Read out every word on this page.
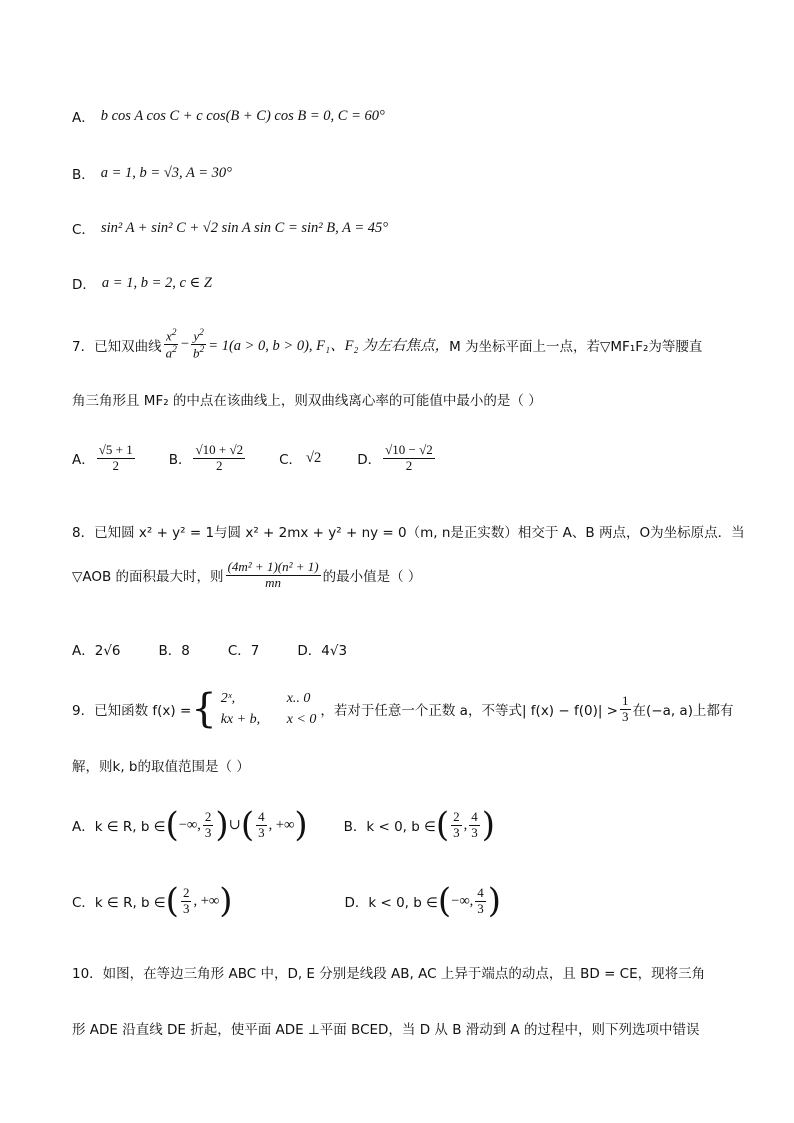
A． b cos A cos C + c cos(B + C) cos B = 0, C = 60°
B． a = 1, b = √3, A = 30°
C． sin² A + sin² C + √2 sin A sin C = sin² B, A = 45°
D． a = 1, b = 2, c ∈ Z
7．已知双曲线 $\frac{x^2}{a^2} - \frac{y^2}{b^2} = 1(a > 0$, b > 0), F₁、F₂ 为左右焦点， M 为坐标平面上一点，若▽MF₁F₂为等腰直
角三角形且 MF₂ 的中点在该曲线上，则双曲线离心率的可能值中最小的是（ ）
A． $\frac{√5 + 1}{2}$	B． $\frac{√10 + √2}{2}$	C． √2	D． $\frac{√10 - √2}{2}$
8．已知圆 x² + y² = 1与圆 x² + 2mx + y² + ny = 0（m, n是正实数）相交于 A、B 两点，O为坐标原点．当
▽AOB 的面积最大时，则 $\frac{\text{(4m² + 1)(n² + 1)}}{mn}$ 的最小值是（ ）
A．2√6	B．8	C．7	D．4√3
9．已知函数 f(x) = { 2ˣ,	x.. 0
kx + b,	x < 0
，若对于任意一个正数 a，不等式| $f(x) - f(0)| > \frac{1}{3}$ 在(−a, a)上都有
解，则k, b的取值范围是（ ）
A．k ∈ R, b ∈ ( −∞, $\frac{2}{3}$ ) ∪ ( $\frac{4}{3}$ , +∞ )	B．k < 0, b ∈ ( $\frac{2}{3}$ , $\frac{4}{3}$ )
C．k ∈ R, b ∈ ( $\frac{2}{3}$ , +∞ )	D．k < 0, b ∈ ( −∞, $\frac{4}{3}$ )
10．如图，在等边三角形 ABC 中，D, E 分别是线段 AB, AC 上异于端点的动点，且 BD = CE，现将三角
形 ADE 沿直线 DE 折起，使平面 ADE ⊥平面 BCED，当 D 从 B 滑动到 A 的过程中，则下列选项中错误
